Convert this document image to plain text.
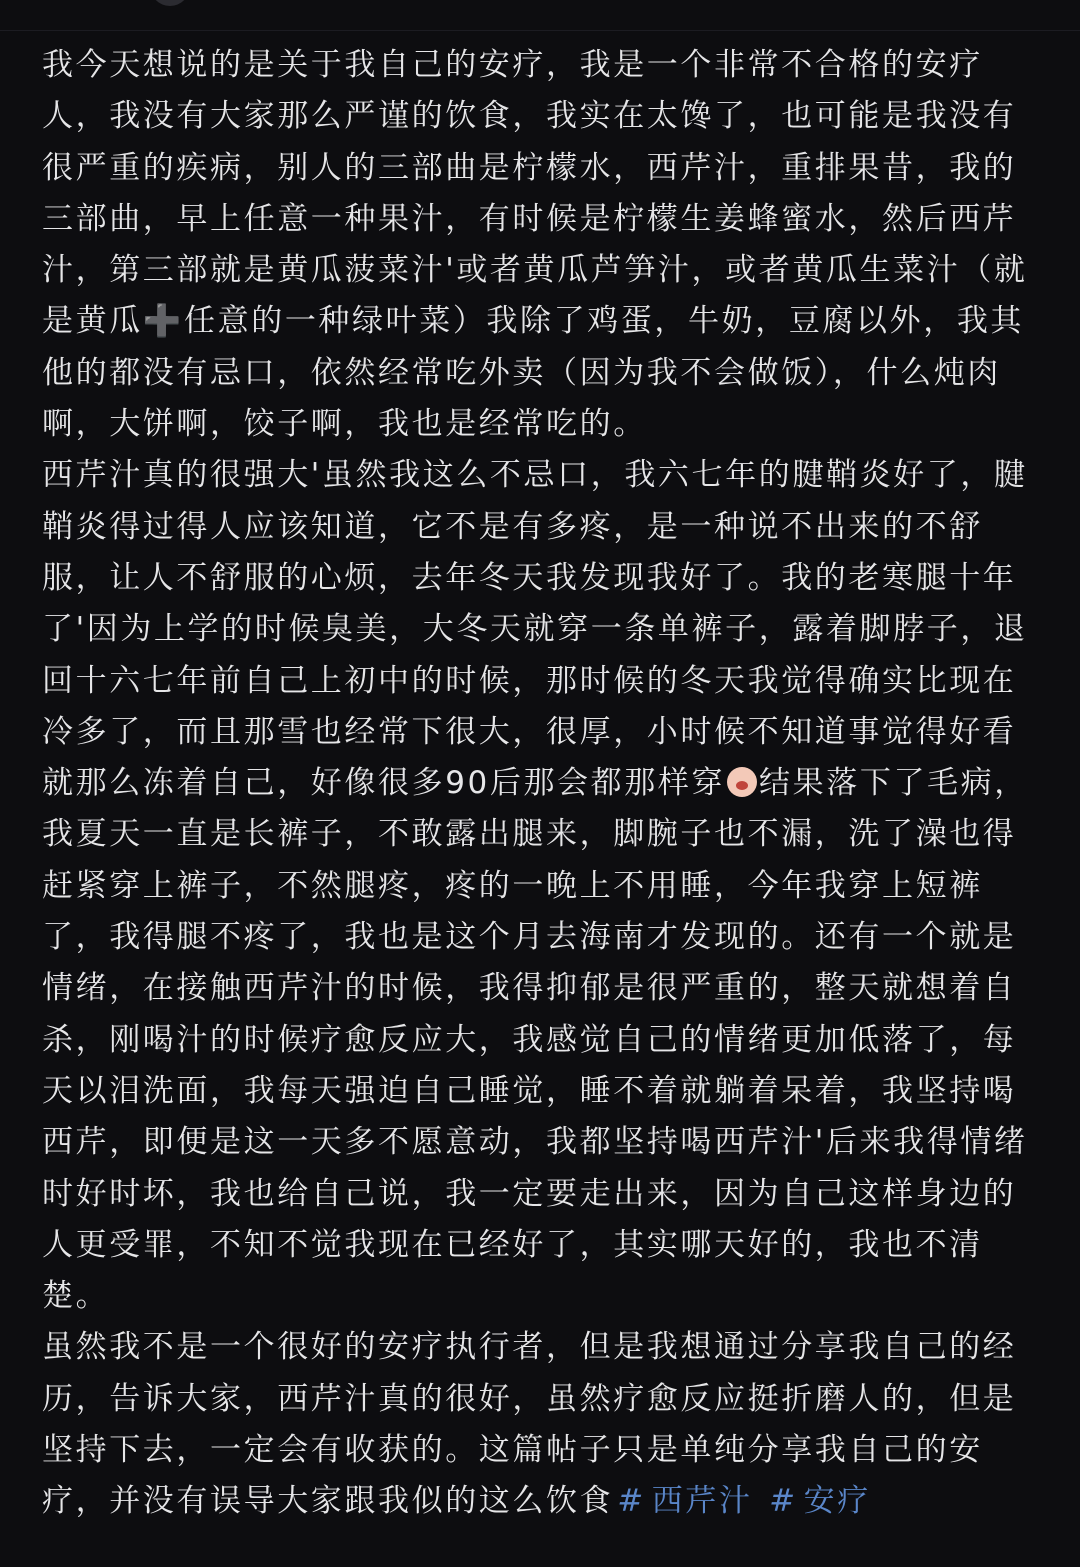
我今天想说的是关于我自己的安疗，我是一个非常不合格的安疗人，我没有大家那么严谨的饮食，我实在太馋了，也可能是我没有很严重的疾病，别人的三部曲是柠檬水，西芹汁，重排果昔，我的三部曲，早上任意一种果汁，有时候是柠檬生姜蜂蜜水，然后西芹汁，第三部就是黄瓜菠菜汁'或者黄瓜芦笋汁，或者黄瓜生菜汁（就是黄瓜➕任意的一种绿叶菜）我除了鸡蛋，牛奶，豆腐以外，我其他的都没有忌口，依然经常吃外卖（因为我不会做饭），什么炖肉啊，大饼啊，饺子啊，我也是经常吃的。

西芹汁真的很强大'虽然我这么不忌口，我六七年的腱鞘炎好了，腱鞘炎得过得人应该知道，它不是有多疼，是一种说不出来的不舒服，让人不舒服的心烦，去年冬天我发现我好了。我的老寒腿十年了'因为上学的时候臭美，大冬天就穿一条单裤子，露着脚脖子，退回十六七年前自己上初中的时候，那时候的冬天我觉得确实比现在冷多了，而且那雪也经常下很大，很厚，小时候不知道事觉得好看就那么冻着自己，好像很多90后那会都那样穿 结果落下了毛病，我夏天一直是长裤子，不敢露出腿来，脚腕子也不漏，洗了澡也得赶紧穿上裤子，不然腿疼，疼的一晚上不用睡，今年我穿上短裤了，我得腿不疼了，我也是这个月去海南才发现的。还有一个就是情绪，在接触西芹汁的时候，我得抑郁是很严重的，整天就想着自杀，刚喝汁的时候疗愈反应大，我感觉自己的情绪更加低落了，每天以泪洗面，我每天强迫自己睡觉，睡不着就躺着呆着，我坚持喝西芹，即便是这一天多不愿意动，我都坚持喝西芹汁'后来我得情绪时好时坏，我也给自己说，我一定要走出来，因为自己这样身边的人更受罪，不知不觉我现在已经好了，其实哪天好的，我也不清楚。

虽然我不是一个很好的安疗执行者，但是我想通过分享我自己的经历，告诉大家，西芹汁真的很好，虽然疗愈反应挺折磨人的，但是坚持下去，一定会有收获的。这篇帖子只是单纯分享我自己的安疗，并没有误导大家跟我似的这么饮食 # 西芹汁 # 安疗
